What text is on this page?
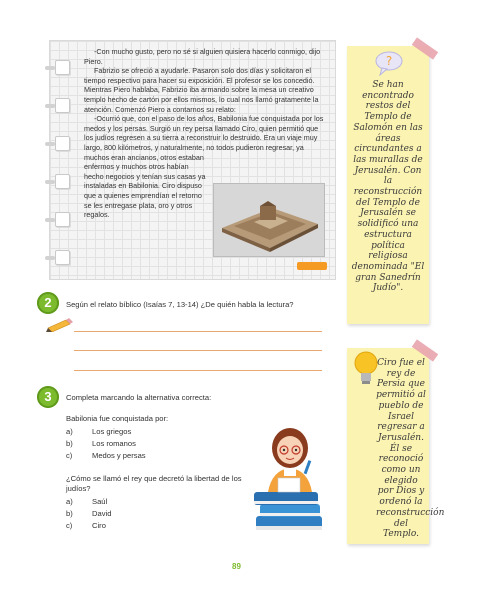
-Con mucho gusto, pero no sé si alguien quisiera hacerlo conmigo, dijo Piero.

Fabrizio se ofreció a ayudarle. Pasaron solo dos días y solicitaron el tiempo respectivo para hacer su exposición. El profesor se los concedió. Mientras Piero hablaba, Fabrizio iba armando sobre la mesa un creativo templo hecho de cartón por ellos mismos, lo cual nos llamó gratamente la atención. Comenzó Piero a contarnos su relato:

-Ocurrió que, con el paso de los años, Babilonia fue conquistada por los medos y los persas. Surgió un rey persa llamado Ciro, quien permitió que los judíos regresen a su tierra a reconstruir lo destruido. Era un viaje muy largo, 800 kilómetros, y naturalmente, no todos pudieron regresar, ya

muchos eran ancianos, otros estaban enfermos y muchos otros habían hecho negocios y tenían sus casas ya instaladas en Babilonia. Ciro dispuso que a quienes emprendían el retorno se les entregase plata, oro y otros regalos.

?
Se han encontrado restos del Templo de Salomón en las áreas circundantes a las murallas de Jerusalén. Con la reconstrucción del Templo de Jerusalén se solidificó una estructura política religiosa denominada "El gran Sanedrín Judío".
Ciro fue el rey de Persia que permitió al pueblo de Israel regresar a Jerusalén. Él se reconoció como un elegido por Dios y ordenó la reconstrucción del Templo.
2	Según el relato bíblico (Isaías 7, 13-14) ¿De quién habla la lectura?
3	Completa marcando la alternativa correcta:
Babilonia fue conquistada por:
a)	Los griegos
b)	Los romanos
c)	Medos y persas
¿Cómo se llamó el rey que decretó la libertad de los judíos?
a)	Saúl
b)	David
c)	Ciro
89
